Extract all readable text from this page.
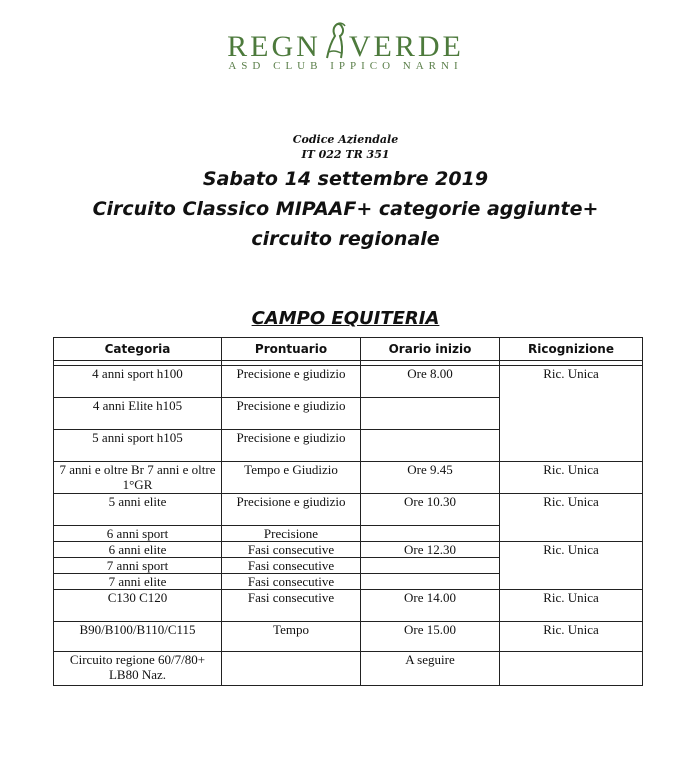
REGN VERDE
ASD CLUB IPPICO NARNI
Codice Aziendale
IT 022 TR 351
Sabato 14 settembre 2019
Circuito Classico MIPAAF+ categorie aggiunte+
circuito regionale
CAMPO EQUITERIA
Categoria	Prontuario	Orario inizio	Ricognizione

4 anni sport h100	Precisione e giudizio	Ore 8.00	Ric. Unica
4 anni Elite h105	Precisione e giudizio		
5 anni sport h105	Precisione e giudizio		
7 anni e oltre Br 7 anni e oltre 1°GR	Tempo e Giudizio	Ore 9.45	Ric. Unica
5 anni elite	Precisione e giudizio	Ore 10.30	Ric. Unica
6 anni sport	Precisione		
6 anni elite	Fasi consecutive	Ore 12.30	Ric. Unica
7 anni sport	Fasi consecutive		
7 anni elite	Fasi consecutive		
C130 C120	Fasi consecutive	Ore 14.00	Ric. Unica
B90/B100/B110/C115	Tempo	Ore 15.00	Ric. Unica
Circuito regione 60/7/80+ LB80 Naz.		A seguire	
